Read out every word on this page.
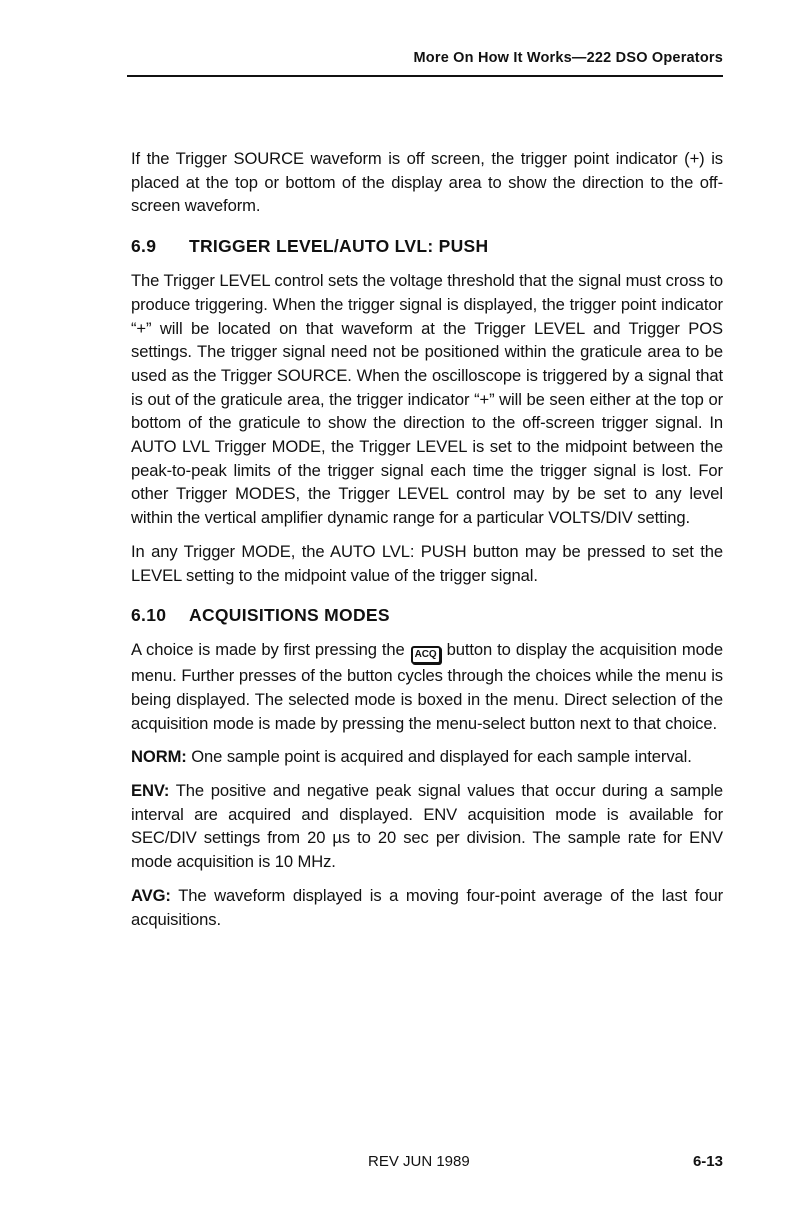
More On How It Works—222 DSO Operators

If the Trigger SOURCE waveform is off screen, the trigger point indicator (+) is placed at the top or bottom of the display area to show the direction to the off-screen waveform.

6.9 TRIGGER LEVEL/AUTO LVL: PUSH

The Trigger LEVEL control sets the voltage threshold that the signal must cross to produce triggering. When the trigger signal is displayed, the trigger point indicator “+” will be located on that waveform at the Trigger LEVEL and Trigger POS settings. The trigger signal need not be positioned within the graticule area to be used as the Trigger SOURCE. When the oscilloscope is triggered by a signal that is out of the graticule area, the trigger indicator “+” will be seen either at the top or bottom of the graticule to show the direction to the off-screen trigger signal. In AUTO LVL Trigger MODE, the Trigger LEVEL is set to the midpoint between the peak-to-peak limits of the trigger signal each time the trigger signal is lost. For other Trigger MODES, the Trigger LEVEL control may by be set to any level within the vertical amplifier dynamic range for a particular VOLTS/DIV setting.

In any Trigger MODE, the AUTO LVL: PUSH button may be pressed to set the LEVEL setting to the midpoint value of the trigger signal.

6.10 ACQUISITIONS MODES

A choice is made by first pressing the ACQ button to display the acquisition mode menu. Further presses of the button cycles through the choices while the menu is being displayed. The selected mode is boxed in the menu. Direct selection of the acquisition mode is made by pressing the menu-select button next to that choice.

NORM: One sample point is acquired and displayed for each sample interval.

ENV: The positive and negative peak signal values that occur during a sample interval are acquired and displayed. ENV acquisition mode is available for SEC/DIV settings from 20 µs to 20 sec per division. The sample rate for ENV mode acquisition is 10 MHz.

AVG: The waveform displayed is a moving four-point average of the last four acquisitions.

REV JUN 1989	6-13
